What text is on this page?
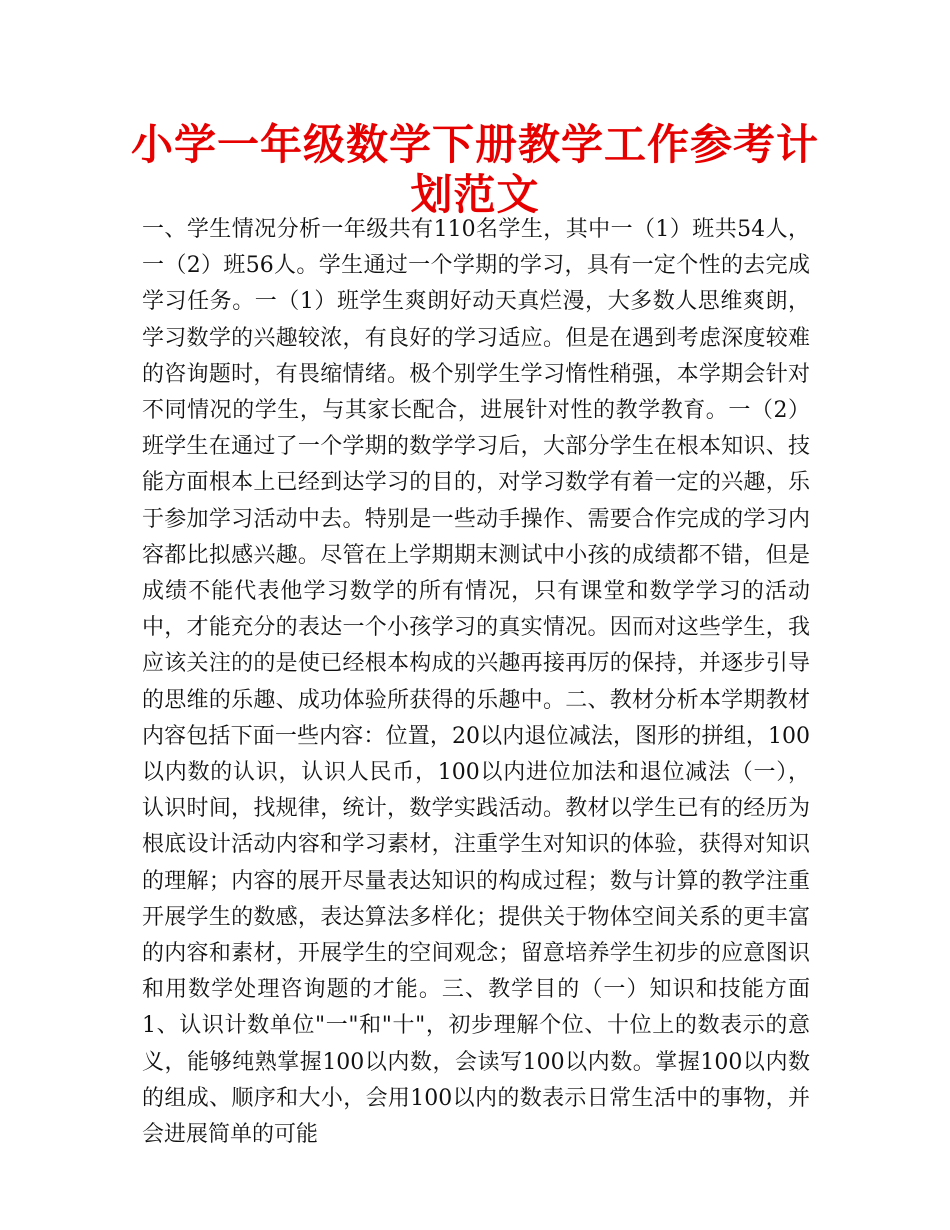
小学一年级数学下册教学工作参考计划范文

一、学生情况分析一年级共有110名学生，其中一（1）班共54人，一（2）班56人。学生通过一个学期的学习，具有一定个性的去完成学习任务。一（1）班学生爽朗好动天真烂漫，大多数人思维爽朗，学习数学的兴趣较浓，有良好的学习适应。但是在遇到考虑深度较难的咨询题时，有畏缩情绪。极个别学生学习惰性稍强，本学期会针对不同情况的学生，与其家长配合，进展针对性的教学教育。一（2）班学生在通过了一个学期的数学学习后，大部分学生在根本知识、技能方面根本上已经到达学习的目的，对学习数学有着一定的兴趣，乐于参加学习活动中去。特别是一些动手操作、需要合作完成的学习内容都比拟感兴趣。尽管在上学期期末测试中小孩的成绩都不错，但是成绩不能代表他学习数学的所有情况，只有课堂和数学学习的活动中，才能充分的表达一个小孩学习的真实情况。因而对这些学生，我应该关注的的是使已经根本构成的兴趣再接再厉的保持，并逐步引导的思维的乐趣、成功体验所获得的乐趣中。二、教材分析本学期教材内容包括下面一些内容：位置，20以内退位减法，图形的拼组，100以内数的认识，认识人民币，100以内进位加法和退位减法（一），认识时间，找规律，统计，数学实践活动。教材以学生已有的经历为根底设计活动内容和学习素材，注重学生对知识的体验，获得对知识的理解；内容的展开尽量表达知识的构成过程；数与计算的教学注重开展学生的数感，表达算法多样化；提供关于物体空间关系的更丰富的内容和素材，开展学生的空间观念；留意培养学生初步的应意图识和用数学处理咨询题的才能。三、教学目的（一）知识和技能方面1、认识计数单位"一"和"十"，初步理解个位、十位上的数表示的意义，能够纯熟掌握100以内数，会读写100以内数。掌握100以内数的组成、顺序和大小，会用100以内的数表示日常生活中的事物，并会进展简单的可能
